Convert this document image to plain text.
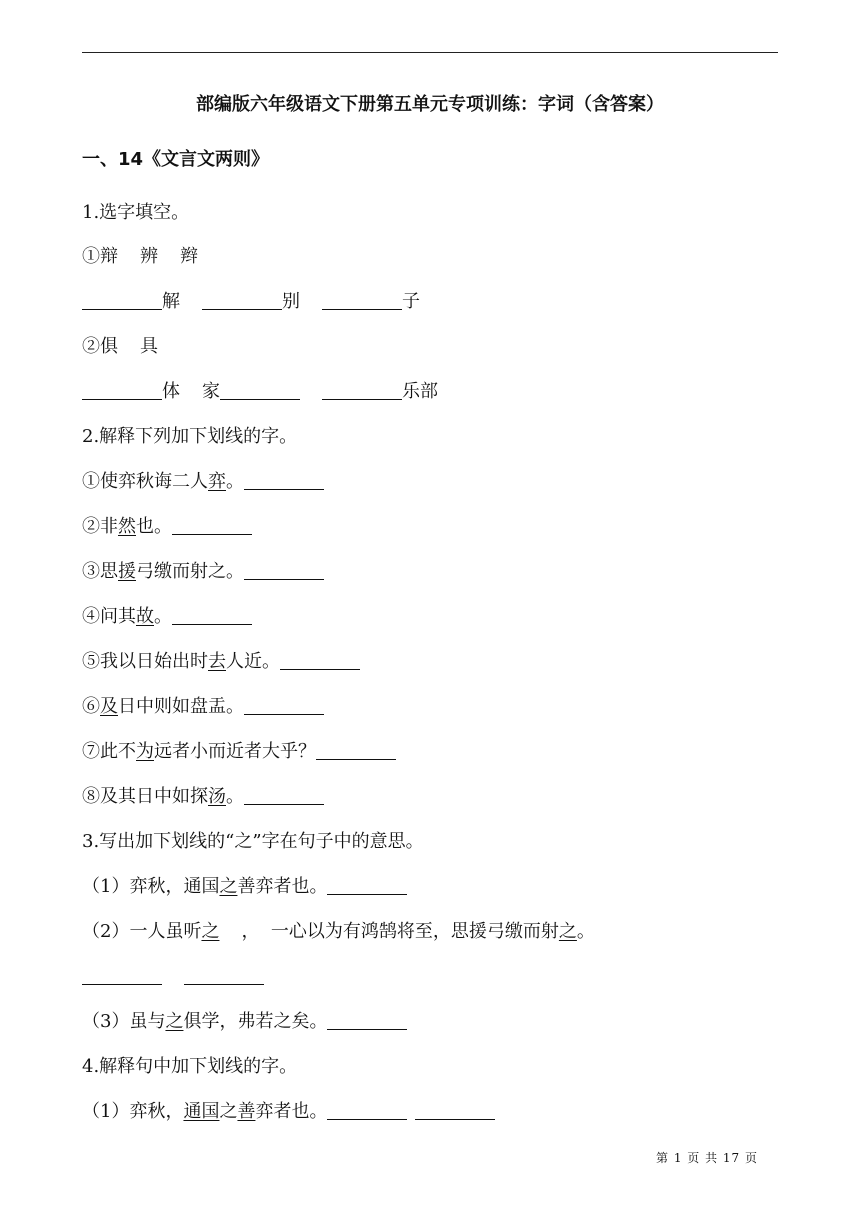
部编版六年级语文下册第五单元专项训练：字词（含答案）
一、14《文言文两则》
1.选字填空。
①辩 辨 辫
解	别	子
②俱 具
体 家	乐部
2.解释下列加下划线的字。
①使弈秋诲二人弈。
②非然也。
③思援弓缴而射之。
④问其故。
⑤我以日始出时去人近。
⑥及日中则如盘盂。
⑦此不为远者小而近者大乎？
⑧及其日中如探汤。
3.写出加下划线的“之”字在句子中的意思。
（1）弈秋，通国之善弈者也。
（2）一人虽听之 ，  一心以为有鸿鹄将至，思援弓缴而射之。
（3）虽与之俱学，弗若之矣。
4.解释句中加下划线的字。
（1）弈秋，通国之善弈者也。
第 1 页 共 17 页
